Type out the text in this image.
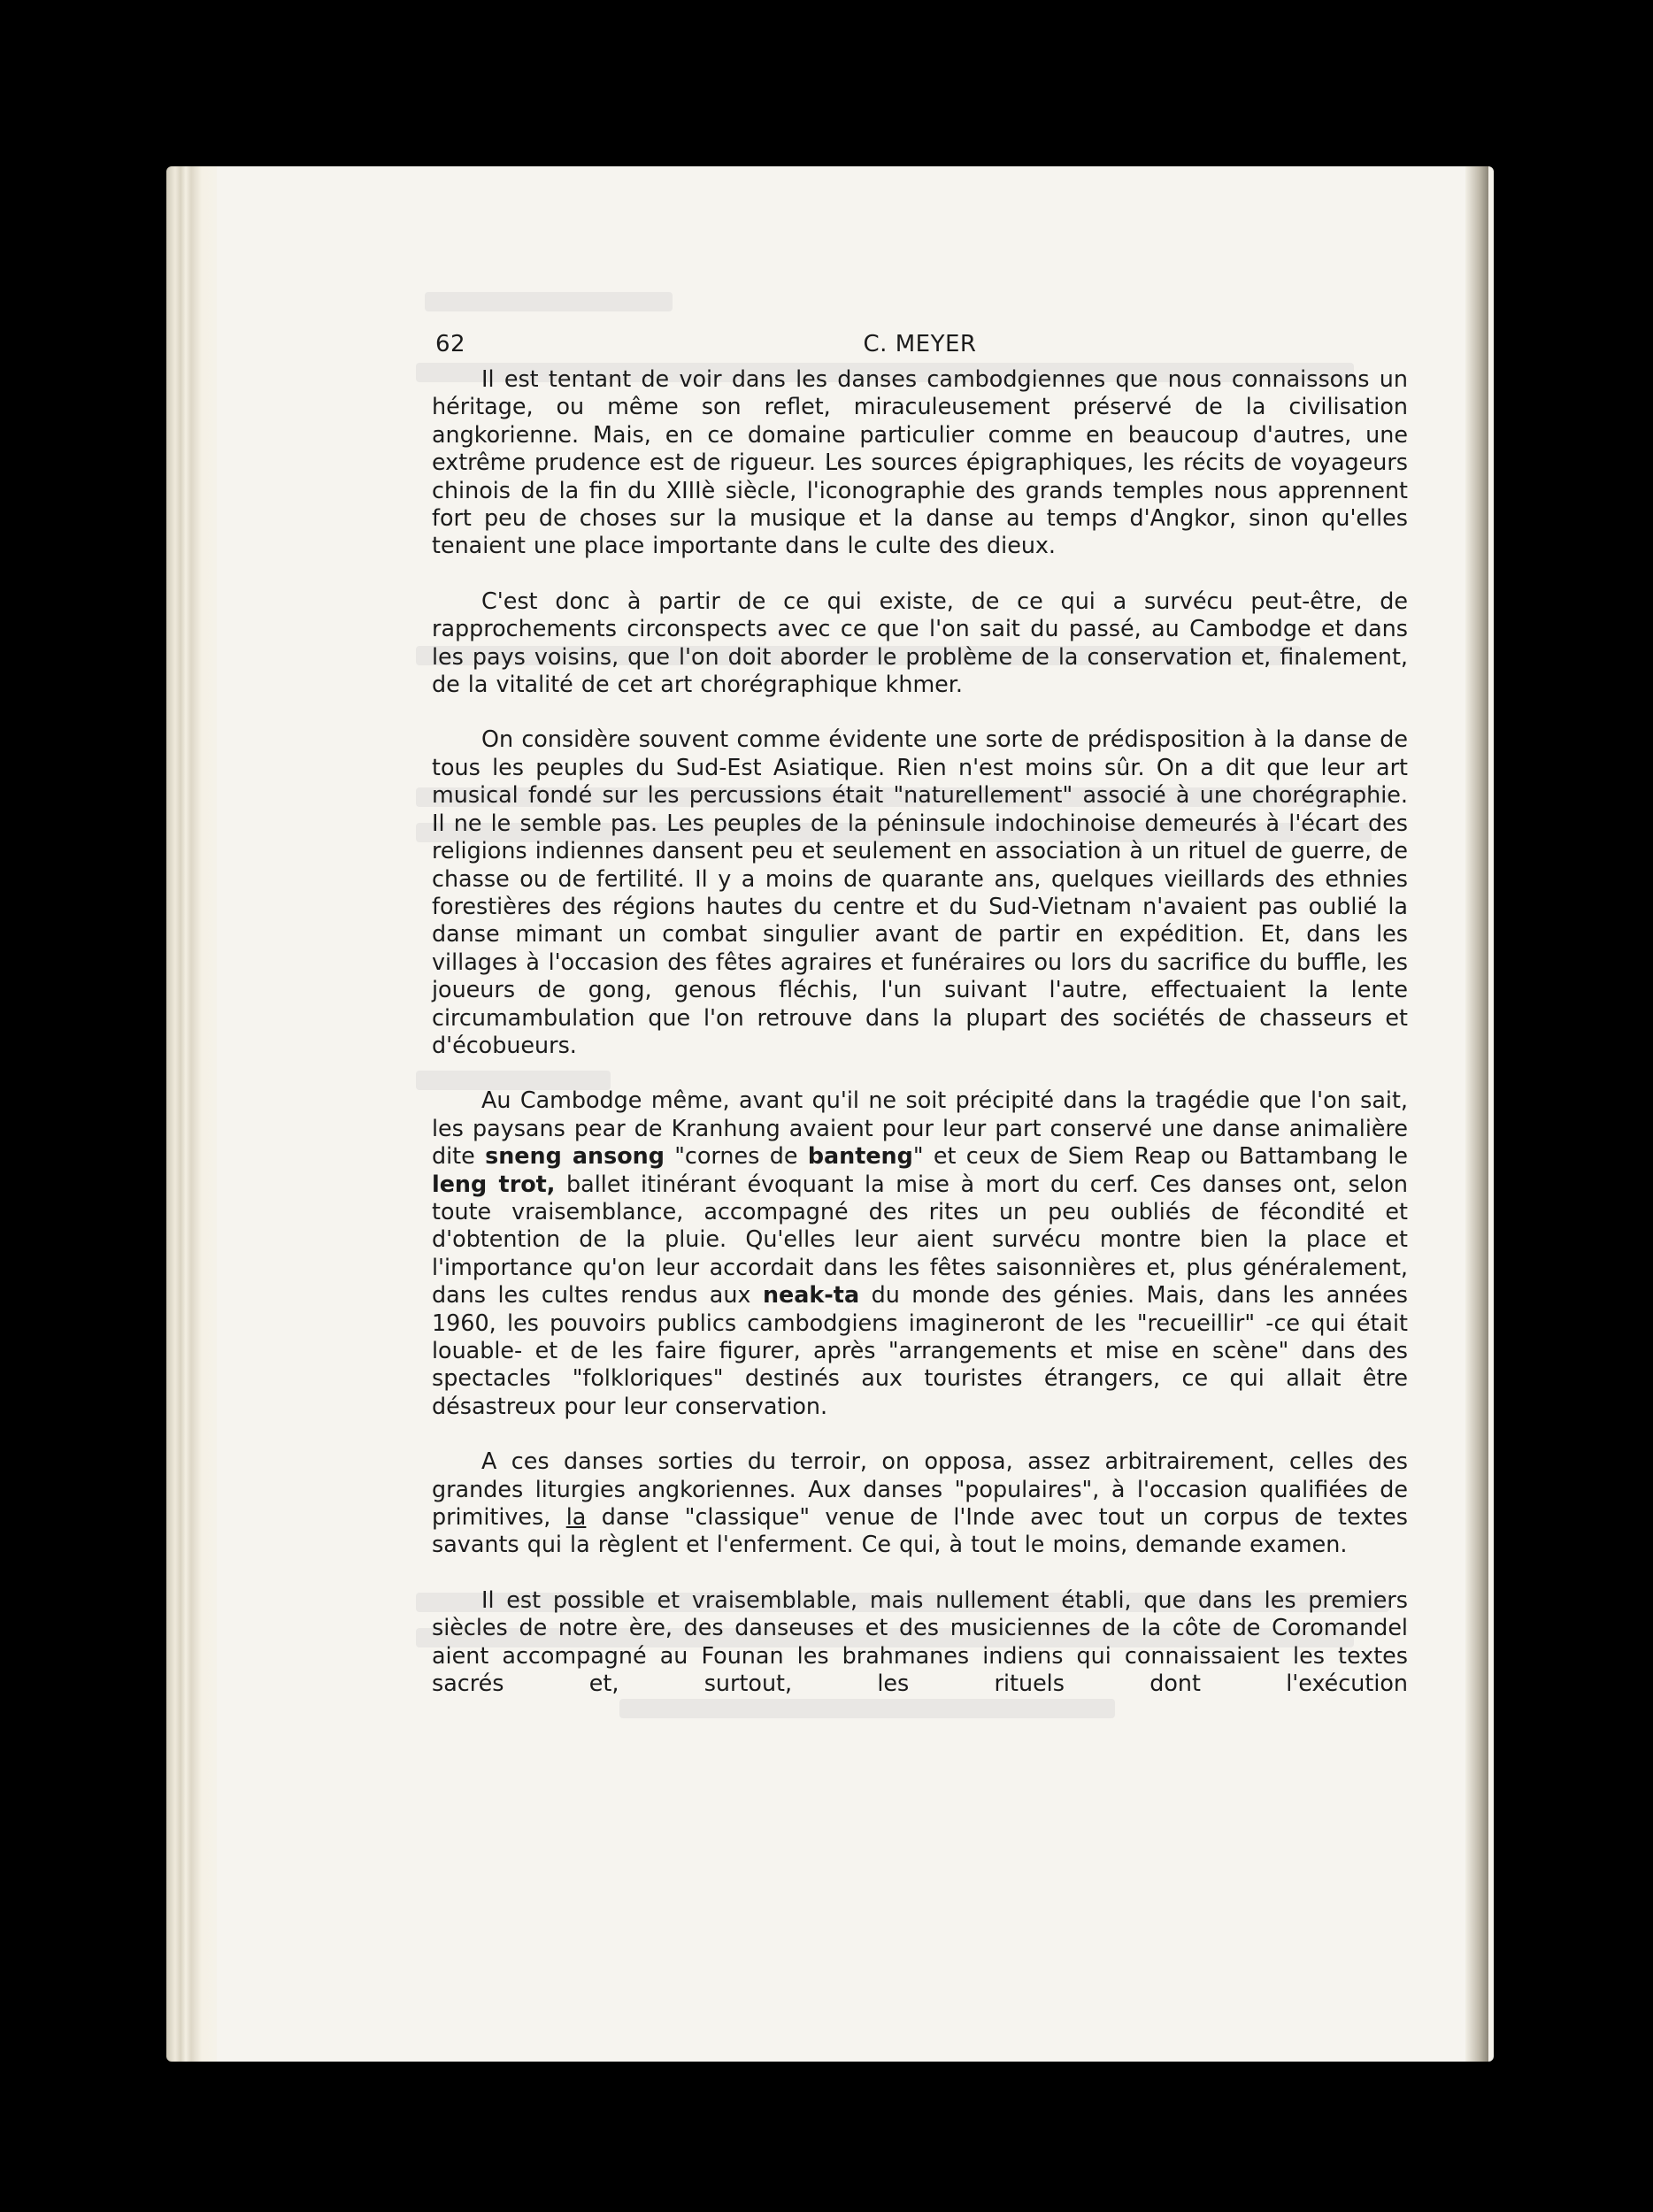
62	C. MEYER

Il est tentant de voir dans les danses cambodgiennes que nous connaissons un héritage, ou même son reflet, miraculeusement préservé de la civilisation angkorienne. Mais, en ce domaine particulier comme en beaucoup d'autres, une extrême prudence est de rigueur. Les sources épigraphiques, les récits de voyageurs chinois de la fin du XIIIè siècle, l'iconographie des grands temples nous apprennent fort peu de choses sur la musique et la danse au temps d'Angkor, sinon qu'elles tenaient une place importante dans le culte des dieux.

C'est donc à partir de ce qui existe, de ce qui a survécu peut-être, de rapprochements circonspects avec ce que l'on sait du passé, au Cambodge et dans les pays voisins, que l'on doit aborder le problème de la conservation et, finalement, de la vitalité de cet art chorégraphique khmer.

On considère souvent comme évidente une sorte de prédisposition à la danse de tous les peuples du Sud-Est Asiatique. Rien n'est moins sûr. On a dit que leur art musical fondé sur les percussions était "naturellement" associé à une chorégraphie. Il ne le semble pas. Les peuples de la péninsule indochinoise demeurés à l'écart des religions indiennes dansent peu et seulement en association à un rituel de guerre, de chasse ou de fertilité. Il y a moins de quarante ans, quelques vieillards des ethnies forestières des régions hautes du centre et du Sud-Vietnam n'avaient pas oublié la danse mimant un combat singulier avant de partir en expédition. Et, dans les villages à l'occasion des fêtes agraires et funéraires ou lors du sacrifice du buffle, les joueurs de gong, genous fléchis, l'un suivant l'autre, effectuaient la lente circumambulation que l'on retrouve dans la plupart des sociétés de chasseurs et d'écobueurs.

Au Cambodge même, avant qu'il ne soit précipité dans la tragédie que l'on sait, les paysans pear de Kranhung avaient pour leur part conservé une danse animalière dite sneng ansong "cornes de banteng" et ceux de Siem Reap ou Battambang le leng trot, ballet itinérant évoquant la mise à mort du cerf. Ces danses ont, selon toute vraisemblance, accompagné des rites un peu oubliés de fécondité et d'obtention de la pluie. Qu'elles leur aient survécu montre bien la place et l'importance qu'on leur accordait dans les fêtes saisonnières et, plus généralement, dans les cultes rendus aux neak-ta du monde des génies. Mais, dans les années 1960, les pouvoirs publics cambodgiens imagineront de les "recueillir" -ce qui était louable- et de les faire figurer, après "arrangements et mise en scène" dans des spectacles "folkloriques" destinés aux touristes étrangers, ce qui allait être désastreux pour leur conservation.

A ces danses sorties du terroir, on opposa, assez arbitrairement, celles des grandes liturgies angkoriennes. Aux danses "populaires", à l'occasion qualifiées de primitives, la danse "classique" venue de l'Inde avec tout un corpus de textes savants qui la règlent et l'enferment. Ce qui, à tout le moins, demande examen.

Il est possible et vraisemblable, mais nullement établi, que dans les premiers siècles de notre ère, des danseuses et des musiciennes de la côte de Coromandel aient accompagné au Founan les brahmanes indiens qui connaissaient les textes sacrés et, surtout, les rituels dont l'exécution
